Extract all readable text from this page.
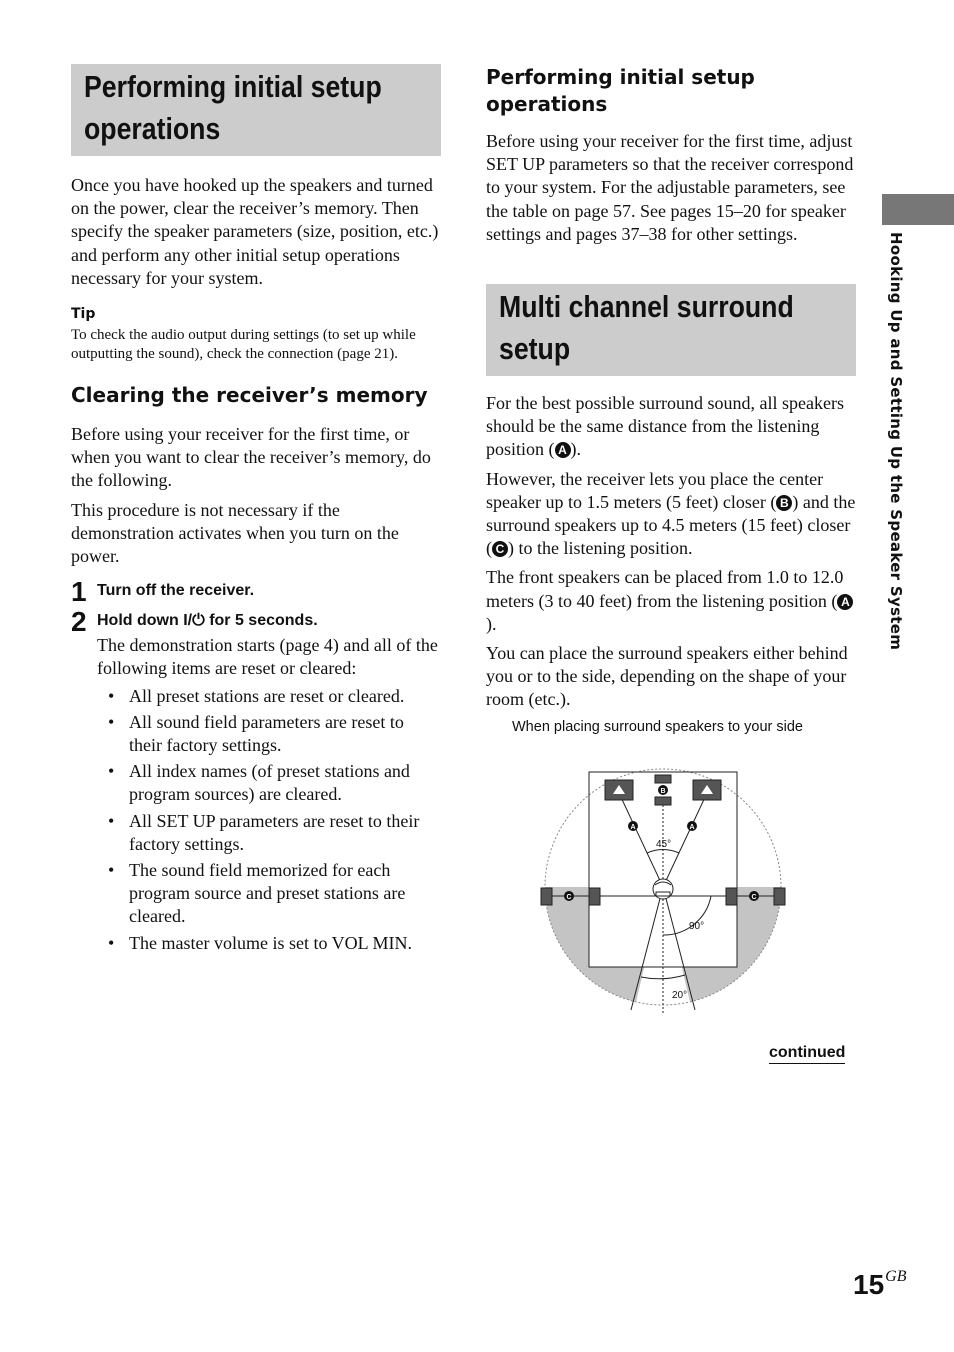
Performing initial setup operations

Once you have hooked up the speakers and turned on the power, clear the receiver’s memory. Then specify the speaker parameters (size, position, etc.) and perform any other initial setup operations necessary for your system.

Tip

To check the audio output during settings (to set up while outputting the sound), check the connection (page 21).

Clearing the receiver’s memory

Before using your receiver for the first time, or when you want to clear the receiver’s memory, do the following.

This procedure is not necessary if the demonstration activates when you turn on the power.

1 Turn off the receiver.
2 Hold down I/⏻ for 5 seconds.

The demonstration starts (page 4) and all of the following items are reset or cleared:

• All preset stations are reset or cleared.
• All sound field parameters are reset to their factory settings.
• All index names (of preset stations and program sources) are cleared.
• All SET UP parameters are reset to their factory settings.
• The sound field memorized for each program source and preset stations are cleared.
• The master volume is set to VOL MIN.
Performing initial setup operations

Before using your receiver for the first time, adjust SET UP parameters so that the receiver correspond to your system. For the adjustable parameters, see the table on page 57. See pages 15–20 for speaker settings and pages 37–38 for other settings.

Multi channel surround setup

For the best possible surround sound, all speakers should be the same distance from the listening position ( A ).

However, the receiver lets you place the center speaker up to 1.5 meters (5 feet) closer ( B ) and the surround speakers up to 4.5 meters (15 feet) closer ( C ) to the listening position.

The front speakers can be placed from 1.0 to 12.0 meters (3 to 40 feet) from the listening position ( A).

You can place the surround speakers either behind you or to the side, depending on the shape of your room (etc.).

When placing surround speakers to your side
B
A	A
C	C
45°
90°
20°
continued
Hooking Up and Setting Up the Speaker System
$15^{GB}$
